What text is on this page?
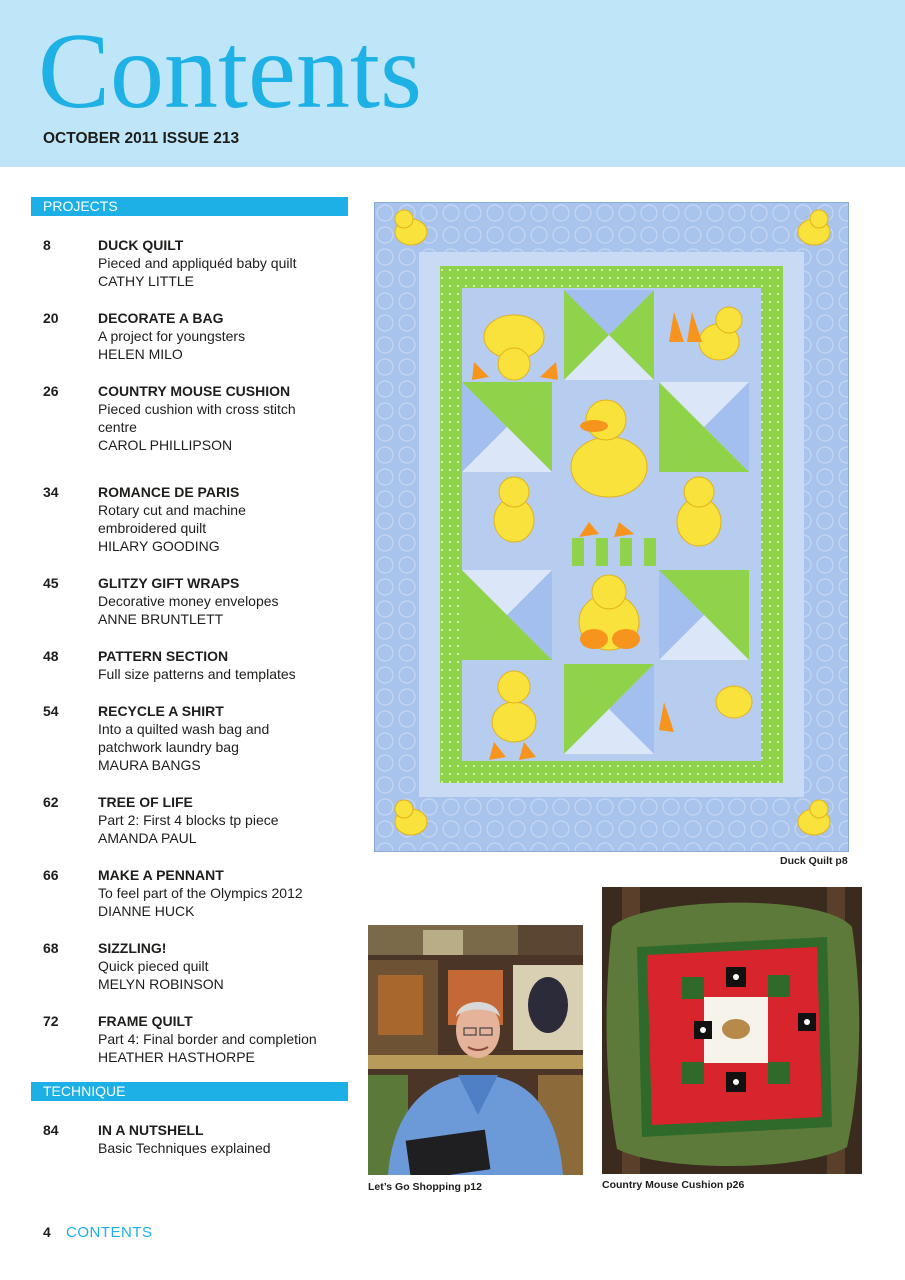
Contents
OCTOBER 2011 ISSUE 213
PROJECTS
8	DUCK QUILT
Pieced and appliquéd baby quilt
CATHY LITTLE
20	DECORATE A BAG
A project for youngsters
HELEN MILO
26	COUNTRY MOUSE CUSHION
Pieced cushion with cross stitch
centre
CAROL PHILLIPSON
34	ROMANCE DE PARIS
Rotary cut and machine
embroidered quilt
HILARY GOODING
45	GLITZY GIFT WRAPS
Decorative money envelopes
ANNE BRUNTLETT
48	PATTERN SECTION
Full size patterns and templates
54	RECYCLE A SHIRT
Into a quilted wash bag and
patchwork laundry bag
MAURA BANGS
62	TREE OF LIFE
Part 2: First 4 blocks tp piece
AMANDA PAUL
66	MAKE A PENNANT
To feel part of the Olympics 2012
DIANNE HUCK
68	SIZZLING!
Quick pieced quilt
MELYN ROBINSON
72	FRAME QUILT
Part 4: Final border and completion
HEATHER HASTHORPE
TECHNIQUE
84	IN A NUTSHELL
Basic Techniques explained
Duck Quilt p8
Let’s Go Shopping p12	Country Mouse Cushion p26
4 CONTENTS
